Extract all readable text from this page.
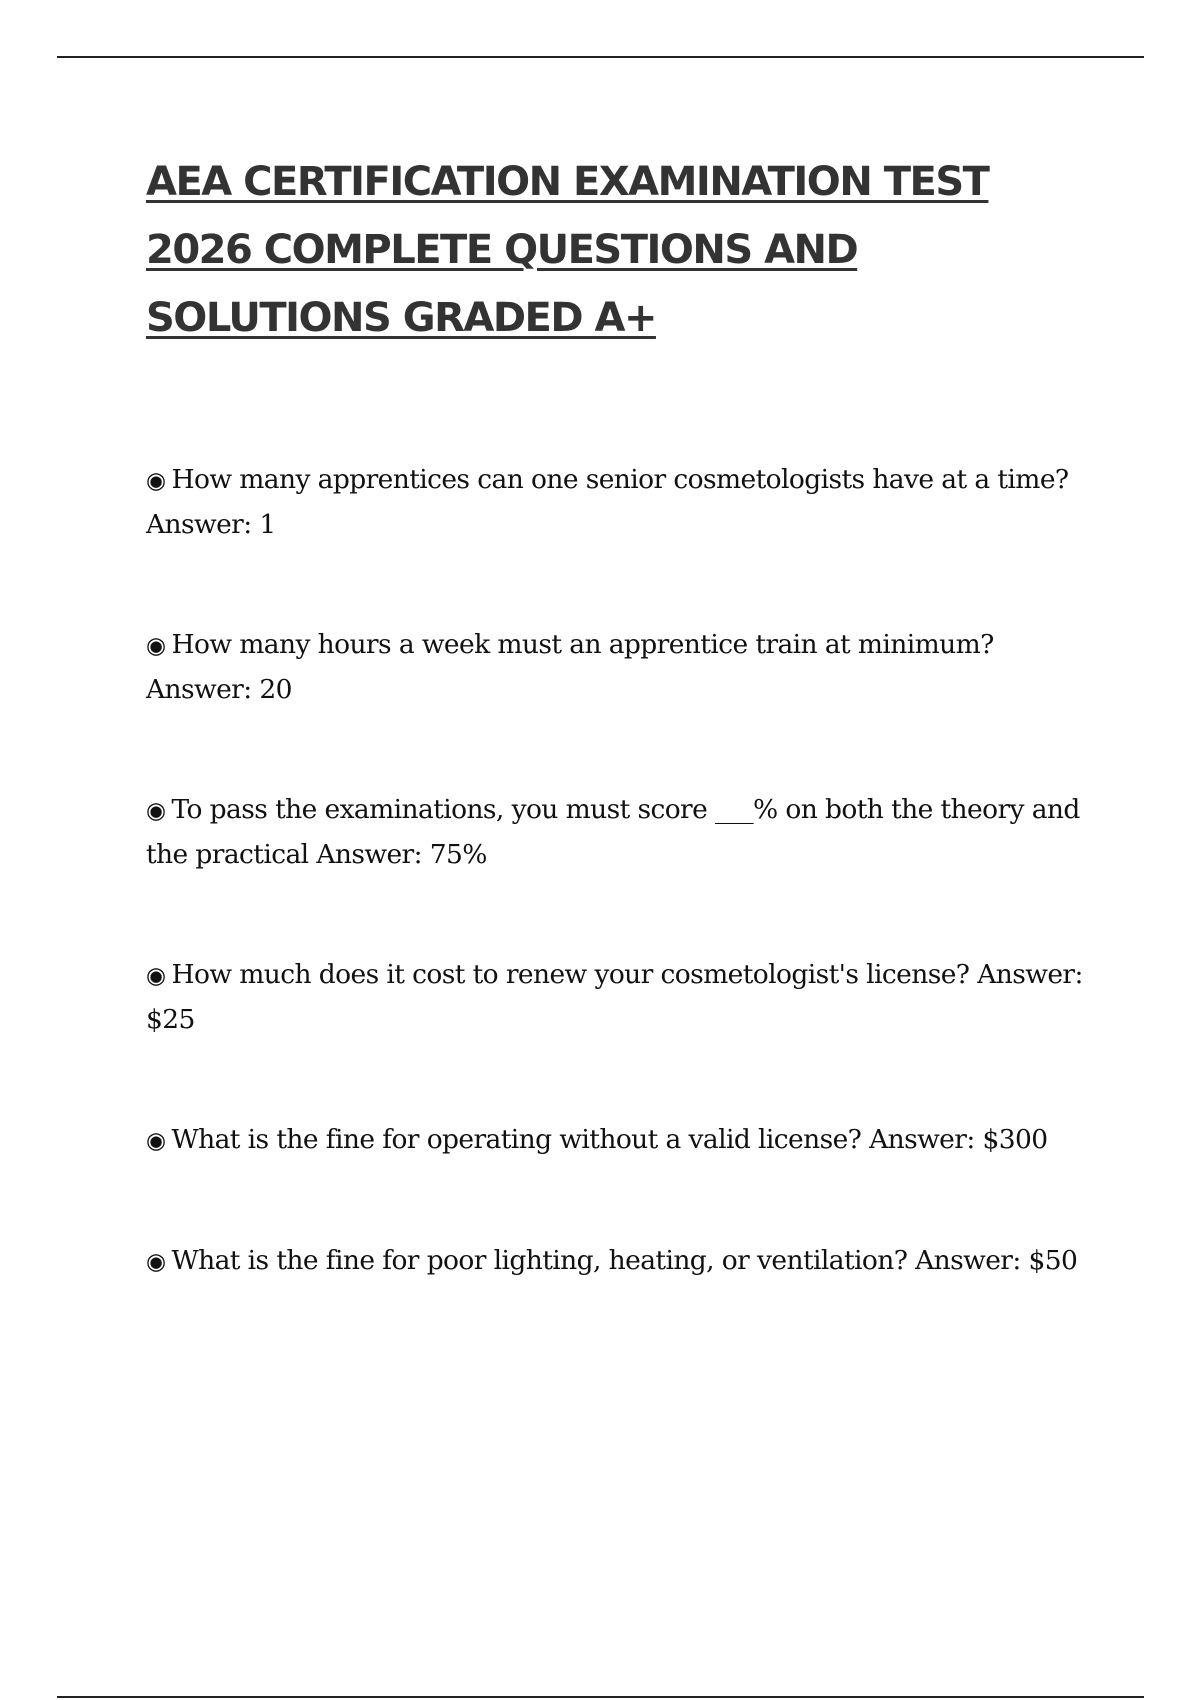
AEA CERTIFICATION EXAMINATION TEST 2026 COMPLETE QUESTIONS AND SOLUTIONS GRADED A+
◉ How many apprentices can one senior cosmetologists have at a time? Answer: 1
◉ How many hours a week must an apprentice train at minimum? Answer: 20
◉ To pass the examinations, you must score ___% on both the theory and the practical Answer: 75%
◉ How much does it cost to renew your cosmetologist's license? Answer: $25
◉ What is the fine for operating without a valid license? Answer: $300
◉ What is the fine for poor lighting, heating, or ventilation? Answer: $50
